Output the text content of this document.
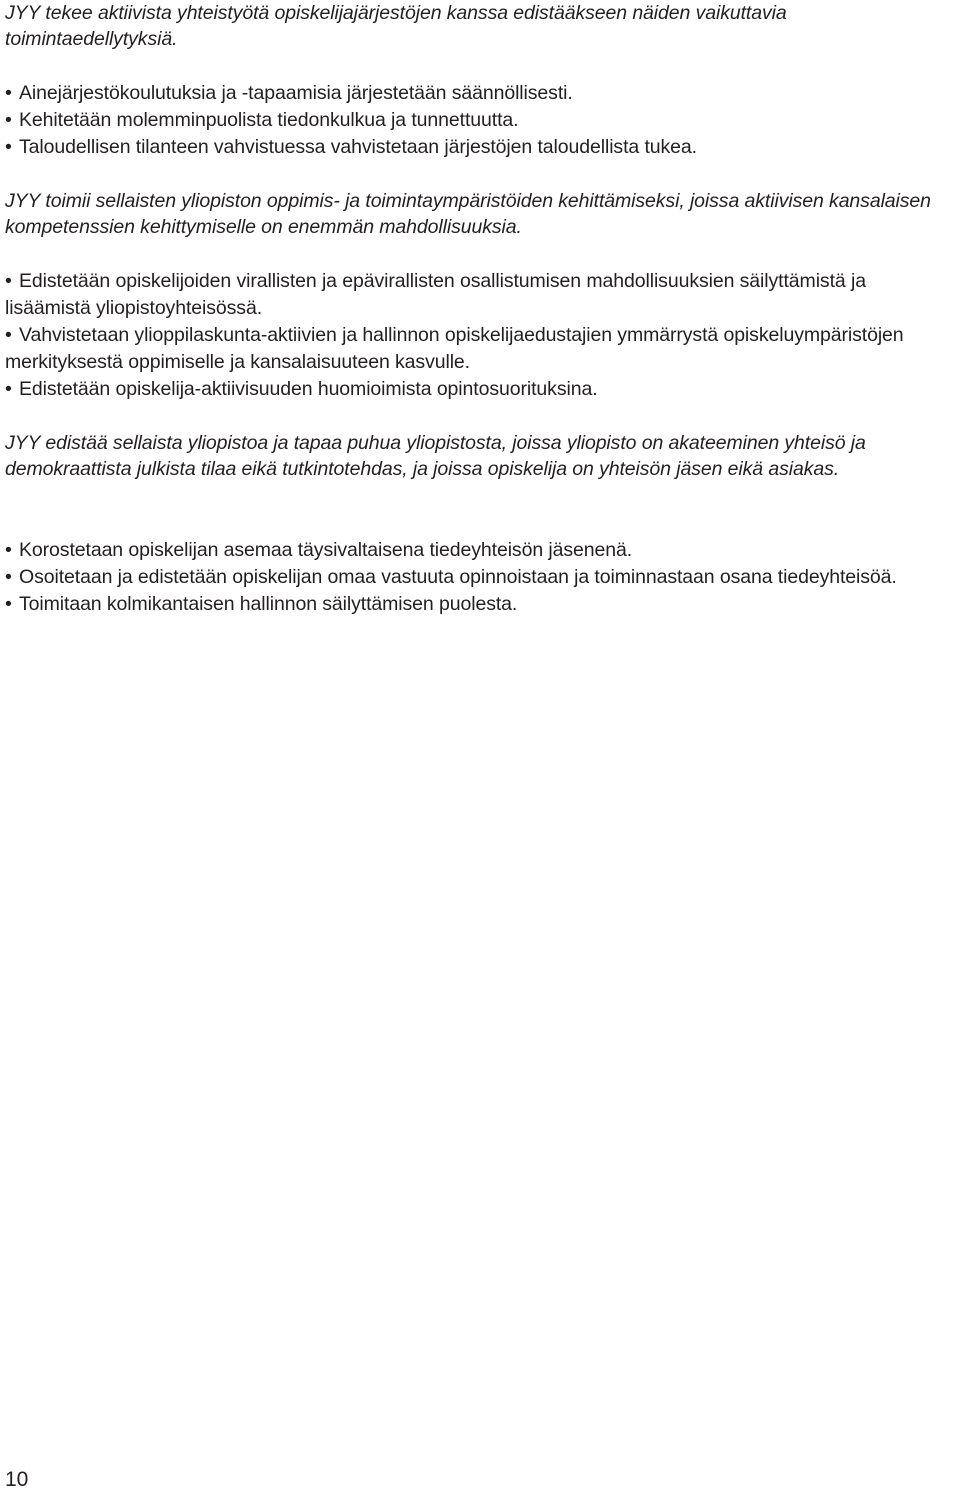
JYY tekee aktiivista yhteistyötä opiskelijajärjestöjen kanssa edistääkseen näiden vaikuttavia toimintaedellytyksiä.

• Ainejärjestökoulutuksia ja -tapaamisia järjestetään säännöllisesti.
• Kehitetään molemminpuolista tiedonkulkua ja tunnettuutta.
• Taloudellisen tilanteen vahvistuessa vahvistetaan järjestöjen taloudellista tukea.

JYY toimii sellaisten yliopiston oppimis- ja toimintaympäristöiden kehittämiseksi, joissa aktiivisen kansalaisen kompetenssien kehittymiselle on enemmän mahdollisuuksia.

• Edistetään opiskelijoiden virallisten ja epävirallisten osallistumisen mahdollisuuksien säilyttämistä ja lisäämistä yliopistoyhteisössä.
• Vahvistetaan ylioppilaskunta-aktiivien ja hallinnon opiskelijaedustajien ymmärrystä opiskeluympäristöjen merkityksestä oppimiselle ja kansalaisuuteen kasvulle.
• Edistetään opiskelija-aktiivisuuden huomioimista opintosuorituksina.

JYY edistää sellaista yliopistoa ja tapaa puhua yliopistosta, joissa yliopisto on akateeminen yhteisö ja demokraattista julkista tilaa eikä tutkintotehdas, ja joissa opiskelija on yhteisön jäsen eikä asiakas.

• Korostetaan opiskelijan asemaa täysivaltaisena tiedeyhteisön jäsenenä.
• Osoitetaan ja edistetään opiskelijan omaa vastuuta opinnoistaan ja toiminnastaan osana tiedeyhteisöä.
• Toimitaan kolmikantaisen hallinnon säilyttämisen puolesta.
10
